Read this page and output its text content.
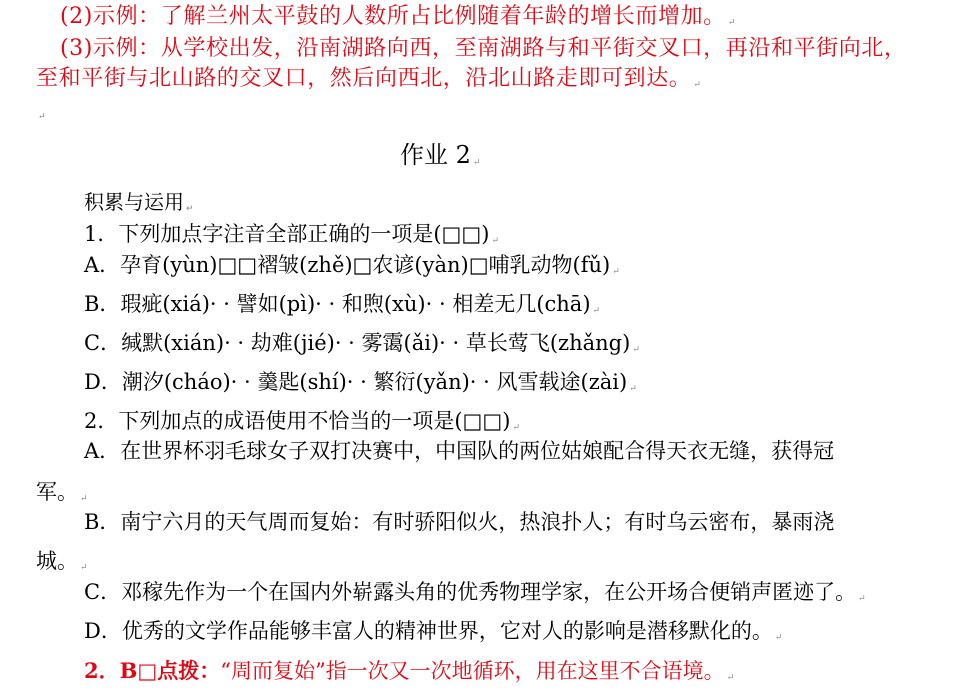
(2)示例：了解兰州太平鼓的人数所占比例随着年龄的增长而增加。 ↵
(3)示例：从学校出发，沿南湖路向西，至南湖路与和平街交叉口，再沿和平街向北，
至和平街与北山路的交叉口，然后向西北，沿北山路走即可到达。 ↵
↵
作业 2 ↵
积累与运用 ↵
1．下列加点字注音全部正确的一项是(□□) ↵
A．孕育(yùn)□□褶皱(zhě)□农谚(yàn)□哺乳动物(fǔ) ↵
B．瑕疵(xiá)· · 譬如(pì)· · 和煦(xù)· · 相差无几(chā) ↵
C．缄默(xián)· · 劫难(jié)· · 雾霭(ǎi)· · 草长莺飞(zhǎng) ↵
D．潮汐(cháo)· · 羹匙(shí)· · 繁衍(yǎn)· · 风雪载途(zài) ↵
2．下列加点的成语使用不恰当的一项是(□□) ↵
A．在世界杯羽毛球女子双打决赛中，中国队的两位姑娘配合得天衣无缝，获得冠
军。 ↵
B．南宁六月的天气周而复始：有时骄阳似火，热浪扑人；有时乌云密布，暴雨浇
城。 ↵
C．邓稼先作为一个在国内外崭露头角的优秀物理学家，在公开场合便销声匿迹了。 ↵
D．优秀的文学作品能够丰富人的精神世界，它对人的影响是潜移默化的。 ↵
2．B□点拨：“周而复始”指一次又一次地循环，用在这里不合语境。 ↵
